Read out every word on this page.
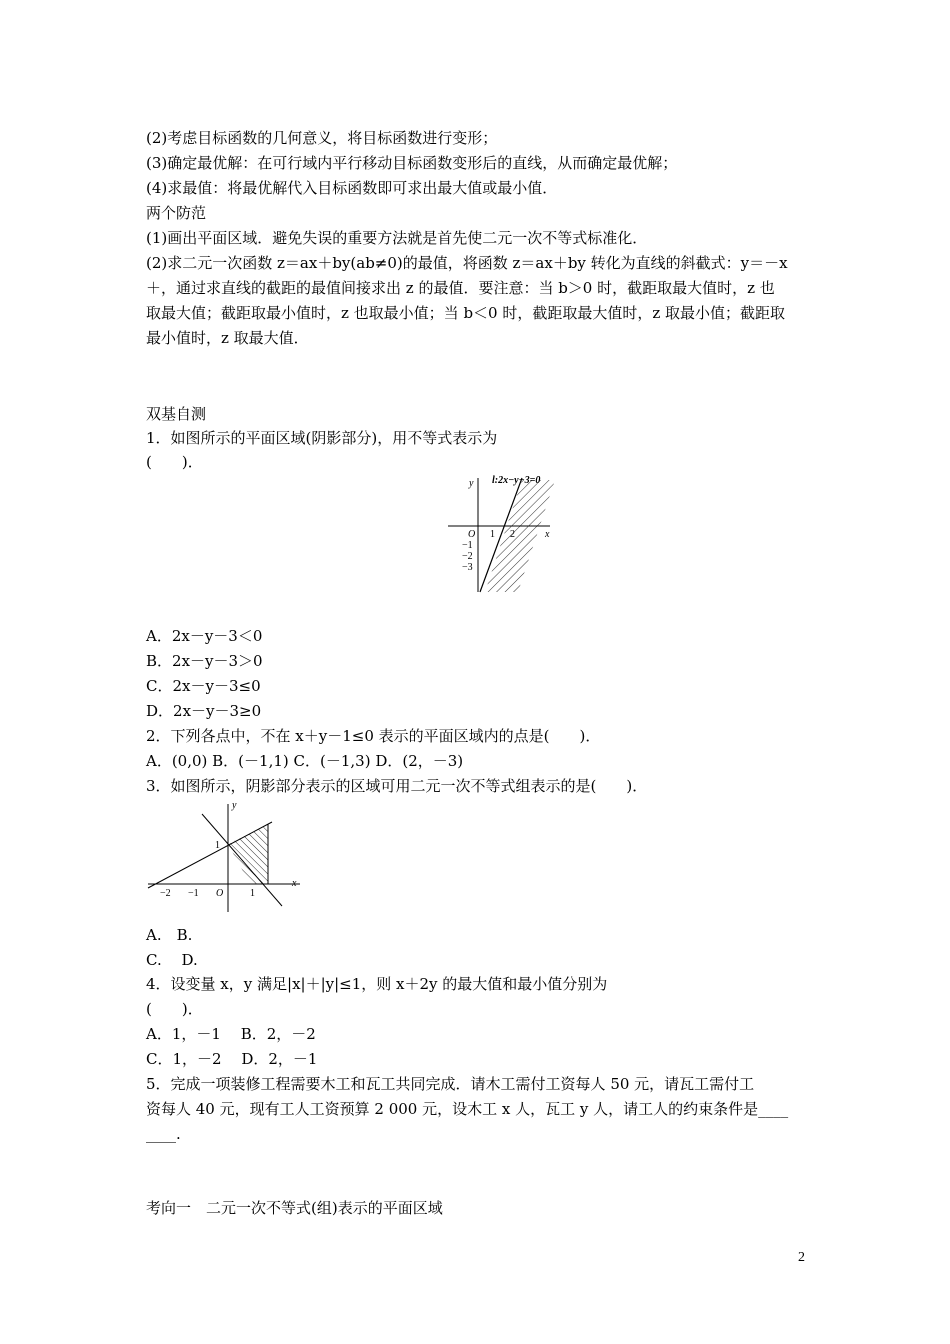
(2)考虑目标函数的几何意义，将目标函数进行变形；
(3)确定最优解：在可行域内平行移动目标函数变形后的直线，从而确定最优解；
(4)求最值：将最优解代入目标函数即可求出最大值或最小值．
两个防范
(1)画出平面区域．避免失误的重要方法就是首先使二元一次不等式标准化．
(2)求二元一次函数 z＝ax＋by(ab≠0)的最值，将函数 z＝ax＋by 转化为直线的斜截式：y＝－x
＋，通过求直线的截距的最值间接求出 z 的最值．要注意：当 b＞0 时，截距取最大值时，z 也
取最大值；截距取最小值时，z 也取最小值；当 b＜0 时，截距取最大值时，z 取最小值；截距取
最小值时，z 取最大值．
双基自测
1．如图所示的平面区域(阴影部分)，用不等式表示为
(　　)．
l:2x−y−3=0
y
x
O 1 2
−1
−2
−3
A．2x－y－3＜0
B．2x－y－3＞0
C．2x－y－3≤0
D．2x－y－3≥0
2．下列各点中，不在 x＋y－1≤0 表示的平面区域内的点是(　　)．
A．(0,0) B．(－1,1) C．(－1,3) D．(2，－3)
3．如图所示，阴影部分表示的区域可用二元一次不等式组表示的是(　　)．
y
x
O
1
−2 −1	1
A.　B.
C.　 D.
4．设变量 x，y 满足|x|＋|y|≤1，则 x＋2y 的最大值和最小值分别为
(　　)．
A．1，－1　 B．2，－2
C．1，－2　 D．2，－1
5．完成一项装修工程需要木工和瓦工共同完成．请木工需付工资每人 50 元，请瓦工需付工
资每人 40 元，现有工人工资预算 2 000 元，设木工 x 人，瓦工 y 人，请工人的约束条件是____
____.
考向一　二元一次不等式(组)表示的平面区域
2
